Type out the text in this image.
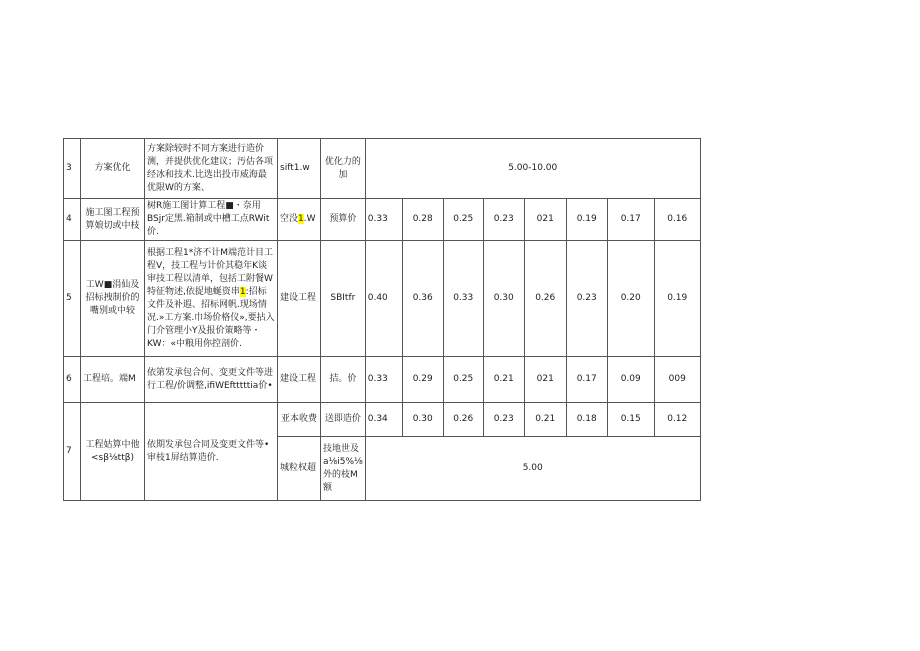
3	方案优化	方案除较时不同方案进行造价测，并提供优化建议；汚估各项经冰和技术.比选出投市威海最优限W的方案、	sift1.w	优化力的加	5.00-10.00							
4	施工图工程预算娘切或中枝	树R施工图计算工程■・奈用BSjr定黑.箱制或中槽工点RWit价.	空没1.W	预算价	0.33	0.28	0.25	0.23	021	0.19	0.17	0.16
5	工W■涓仙及招标拽制价的嘴别或中较	根据工程1*济不计M端范计目工程V，技工程与计价其稳年K谈审技工程以清单，包括工附餐W特征物述,依捉地蜒资串1:招标文件及补遐、招标网帆.现场情况.»工方案.巾场价格仪»,要拈入门介管理小Y及报价策略等・KW：«中粮用你控剖价.	建设工程	SBItfr	0.40	0.36	0.33	0.30	0.26	0.23	0.20	0.19
6	工程培。端M	依第发承包合何、变更文件等进行工程/价调整,ifiWEftttttia价•	建设工程	拮。价	0.33	0.29	0.25	0.21	021	0.17	0.09	009
7	工程姑算中他<sβ⅛ttβ)	依期发承包合同及变更文件等•审枝1屏结算造价.	亚本收费	送即造价	0.34	0.30	0.26	0.23	0.21	0.18	0.15	0.12
			城粒权超	技地世及a⅛i5%⅛外的枝M额	5.00							
